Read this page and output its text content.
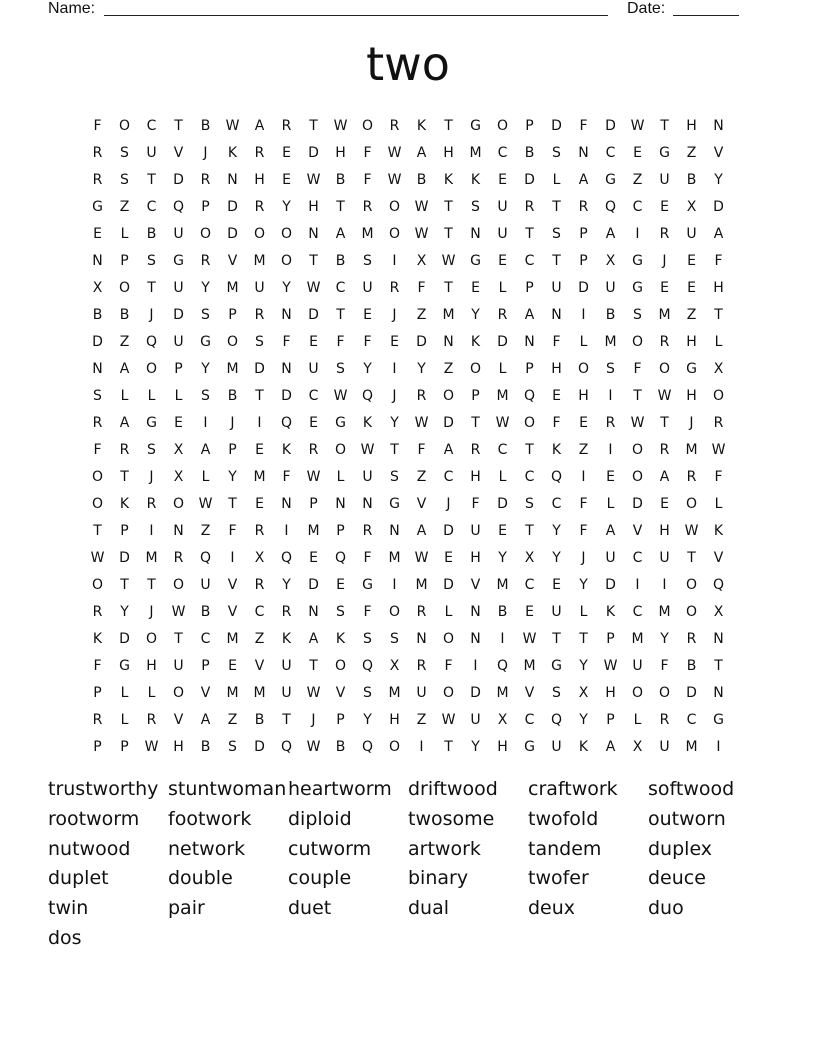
Name:	Date:
two
F	O	C	T	B	W	A	R	T	W	O	R	K	T	G	O	P	D	F	D	W	T	H	N
R	S	U	V	J	K	R	E	D	H	F	W	A	H	M	C	B	S	N	C	E	G	Z	V
R	S	T	D	R	N	H	E	W	B	F	W	B	K	K	E	D	L	A	G	Z	U	B	Y
G	Z	C	Q	P	D	R	Y	H	T	R	O	W	T	S	U	R	T	R	Q	C	E	X	D
E	L	B	U	O	D	O	O	N	A	M	O	W	T	N	U	T	S	P	A	I	R	U	A
N	P	S	G	R	V	M	O	T	B	S	I	X	W	G	E	C	T	P	X	G	J	E	F
X	O	T	U	Y	M	U	Y	W	C	U	R	F	T	E	L	P	U	D	U	G	E	E	H
B	B	J	D	S	P	R	N	D	T	E	J	Z	M	Y	R	A	N	I	B	S	M	Z	T
D	Z	Q	U	G	O	S	F	E	F	F	E	D	N	K	D	N	F	L	M	O	R	H	L
N	A	O	P	Y	M	D	N	U	S	Y	I	Y	Z	O	L	P	H	O	S	F	O	G	X
S	L	L	L	S	B	T	D	C	W	Q	J	R	O	P	M	Q	E	H	I	T	W	H	O
R	A	G	E	I	J	I	Q	E	G	K	Y	W	D	T	W	O	F	E	R	W	T	J	R
F	R	S	X	A	P	E	K	R	O	W	T	F	A	R	C	T	K	Z	I	O	R	M	W
O	T	J	X	L	Y	M	F	W	L	U	S	Z	C	H	L	C	Q	I	E	O	A	R	F
O	K	R	O	W	T	E	N	P	N	N	G	V	J	F	D	S	C	F	L	D	E	O	L
T	P	I	N	Z	F	R	I	M	P	R	N	A	D	U	E	T	Y	F	A	V	H	W	K
W	D	M	R	Q	I	X	Q	E	Q	F	M	W	E	H	Y	X	Y	J	U	C	U	T	V
O	T	T	O	U	V	R	Y	D	E	G	I	M	D	V	M	C	E	Y	D	I	I	O	Q
R	Y	J	W	B	V	C	R	N	S	F	O	R	L	N	B	E	U	L	K	C	M	O	X
K	D	O	T	C	M	Z	K	A	K	S	S	N	O	N	I	W	T	T	P	M	Y	R	N
F	G	H	U	P	E	V	U	T	O	Q	X	R	F	I	Q	M	G	Y	W	U	F	B	T
P	L	L	O	V	M	M	U	W	V	S	M	U	O	D	M	V	S	X	H	O	O	D	N
R	L	R	V	A	Z	B	T	J	P	Y	H	Z	W	U	X	C	Q	Y	P	L	R	C	G
P	P	W	H	B	S	D	Q	W	B	Q	O	I	T	Y	H	G	U	K	A	X	U	M	I
trustworthy stuntwoman heartworm driftwood	craftwork	softwood
rootworm	footwork	diploid	twosome	twofold	outworn
nutwood	network	cutworm	artwork	tandem	duplex
duplet	double	couple	binary	twofer	deuce
twin	pair	duet	dual	deux	duo
dos
